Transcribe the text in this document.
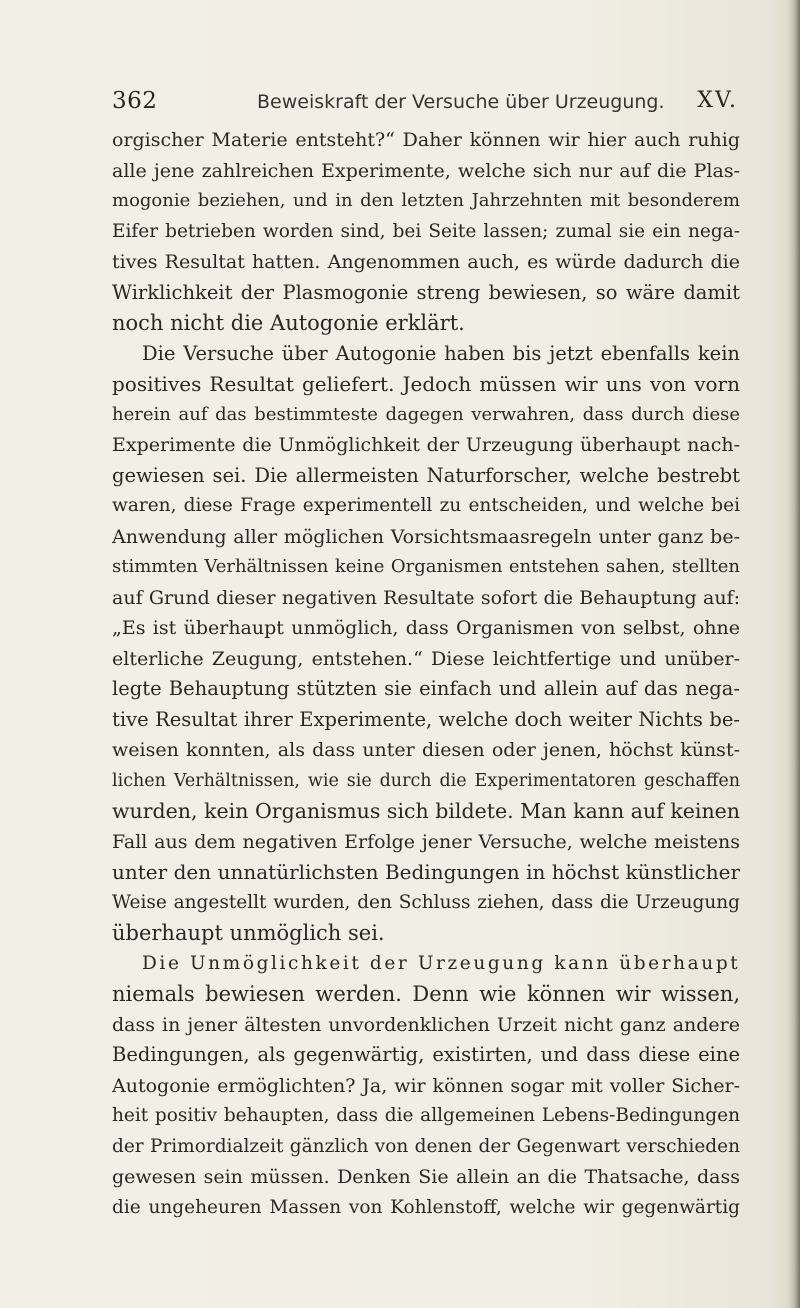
362	Beweiskraft der Versuche über Urzeugung. XV.
orgischer Materie entsteht?“ Daher können wir hier auch ruhig
alle jene zahlreichen Experimente, welche sich nur auf die Plas-
mogonie beziehen, und in den letzten Jahrzehnten mit besonderem
Eifer betrieben worden sind, bei Seite lassen; zumal sie ein nega-
tives Resultat hatten. Angenommen auch, es würde dadurch die
Wirklichkeit der Plasmogonie streng bewiesen, so wäre damit
noch nicht die Autogonie erklärt.
Die Versuche über Autogonie haben bis jetzt ebenfalls kein
positives Resultat geliefert. Jedoch müssen wir uns von vorn
herein auf das bestimmteste dagegen verwahren, dass durch diese
Experimente die Unmöglichkeit der Urzeugung überhaupt nach-
gewiesen sei. Die allermeisten Naturforscher, welche bestrebt
waren, diese Frage experimentell zu entscheiden, und welche bei
Anwendung aller möglichen Vorsichtsmaasregeln unter ganz be-
stimmten Verhältnissen keine Organismen entstehen sahen, stellten
auf Grund dieser negativen Resultate sofort die Behauptung auf:
„Es ist überhaupt unmöglich, dass Organismen von selbst, ohne
elterliche Zeugung, entstehen.“ Diese leichtfertige und unüber-
legte Behauptung stützten sie einfach und allein auf das nega-
tive Resultat ihrer Experimente, welche doch weiter Nichts be-
weisen konnten, als dass unter diesen oder jenen, höchst künst-
lichen Verhältnissen, wie sie durch die Experimentatoren geschaffen
wurden, kein Organismus sich bildete. Man kann auf keinen
Fall aus dem negativen Erfolge jener Versuche, welche meistens
unter den unnatürlichsten Bedingungen in höchst künstlicher
Weise angestellt wurden, den Schluss ziehen, dass die Urzeugung
überhaupt unmöglich sei.
Die Unmöglichkeit der Urzeugung kann überhaupt
niemals bewiesen werden. Denn wie können wir wissen,
dass in jener ältesten unvordenklichen Urzeit nicht ganz andere
Bedingungen, als gegenwärtig, existirten, und dass diese eine
Autogonie ermöglichten? Ja, wir können sogar mit voller Sicher-
heit positiv behaupten, dass die allgemeinen Lebens-Bedingungen
der Primordialzeit gänzlich von denen der Gegenwart verschieden
gewesen sein müssen. Denken Sie allein an die Thatsache, dass
die ungeheuren Massen von Kohlenstoff, welche wir gegenwärtig
